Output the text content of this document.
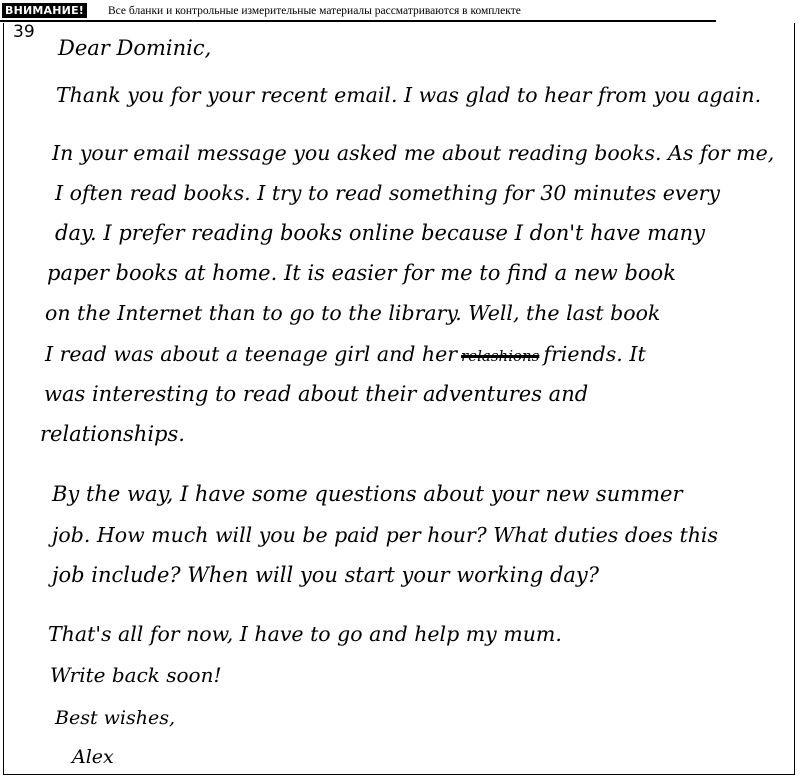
ВНИМАНИЕ! Все бланки и контрольные измерительные материалы рассматриваются в комплекте
39

Dear Dominic,

Thank you for your recent email. I was glad to hear from you again.

In your email message you asked me about reading books. As for me,

I often read books. I try to read something for 30 minutes every

day. I prefer reading books online because I don't have many

paper books at home. It is easier for me to find a new book

on the Internet than to go to the library. Well, the last book

I read was about a teenage girl and her relashions friends. It

was interesting to read about their adventures and

relationships.

By the way, I have some questions about your new summer

job. How much will you be paid per hour? What duties does this

job include? When will you start your working day?

That's all for now, I have to go and help my mum.

Write back soon!

Best wishes,

Alex
